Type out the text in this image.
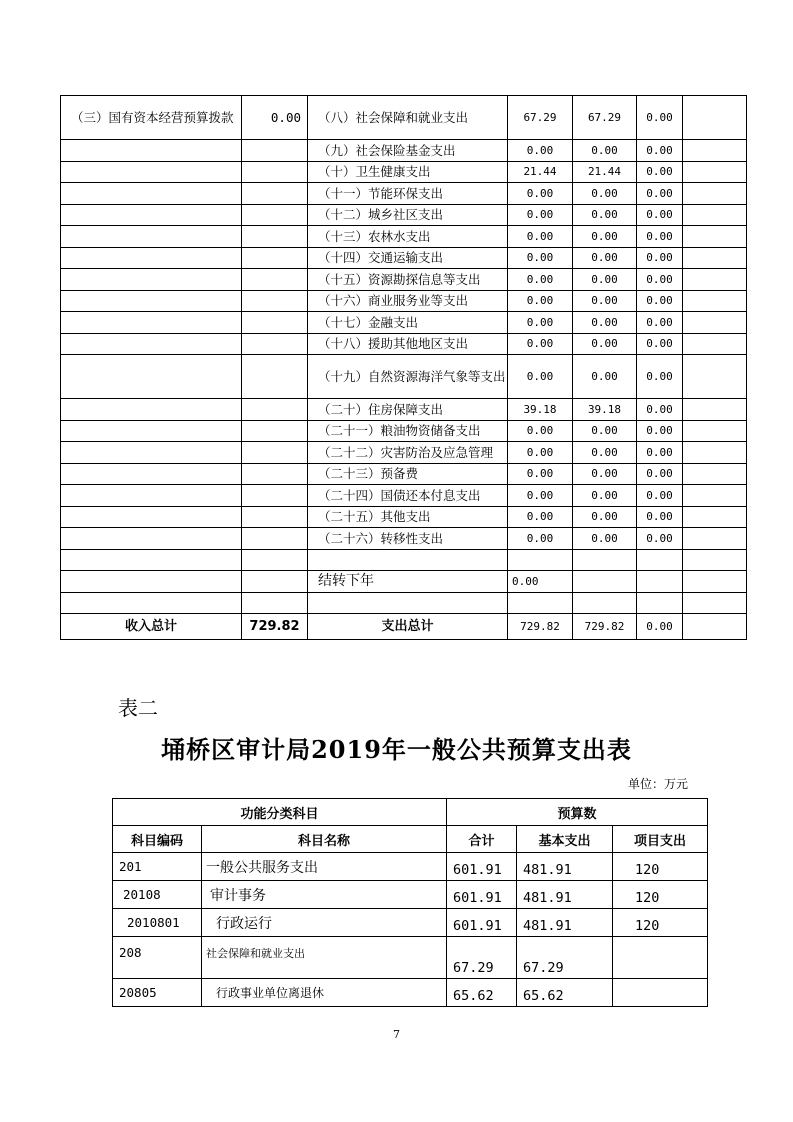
（三）国有资本经营预算拨款	0.00	（八）社会保障和就业支出	67.29	67.29	0.00	
		（九）社会保险基金支出	0.00	0.00	0.00	
		（十）卫生健康支出	21.44	21.44	0.00	
		（十一）节能环保支出	0.00	0.00	0.00	
		（十二）城乡社区支出	0.00	0.00	0.00	
		（十三）农林水支出	0.00	0.00	0.00	
		（十四）交通运输支出	0.00	0.00	0.00	
		（十五）资源勘探信息等支出	0.00	0.00	0.00	
		（十六）商业服务业等支出	0.00	0.00	0.00	
		（十七）金融支出	0.00	0.00	0.00	
		（十八）援助其他地区支出	0.00	0.00	0.00	
		（十九）自然资源海洋气象等支出	0.00	0.00	0.00	
		（二十）住房保障支出	39.18	39.18	0.00	
		（二十一）粮油物资储备支出	0.00	0.00	0.00	
		（二十二）灾害防治及应急管理	0.00	0.00	0.00	
		（二十三）预备费	0.00	0.00	0.00	
		（二十四）国债还本付息支出	0.00	0.00	0.00	
		（二十五）其他支出	0.00	0.00	0.00	
		（二十六）转移性支出	0.00	0.00	0.00	

		结转下年	0.00			

收入总计	729.82	支出总计	729.82	729.82	0.00	
表二
埇桥区审计局2019年一般公共预算支出表
单位：万元
功能分类科目		预算数		
科目编码	科目名称	合计	基本支出	项目支出
201	一般公共服务支出	601.91	481.91	120
20108	审计事务	601.91	481.91	120
2010801	行政运行	601.91	481.91	120
208	社会保障和就业支出	67.29	67.29	
20805	行政事业单位离退休	65.62	65.62	
7
